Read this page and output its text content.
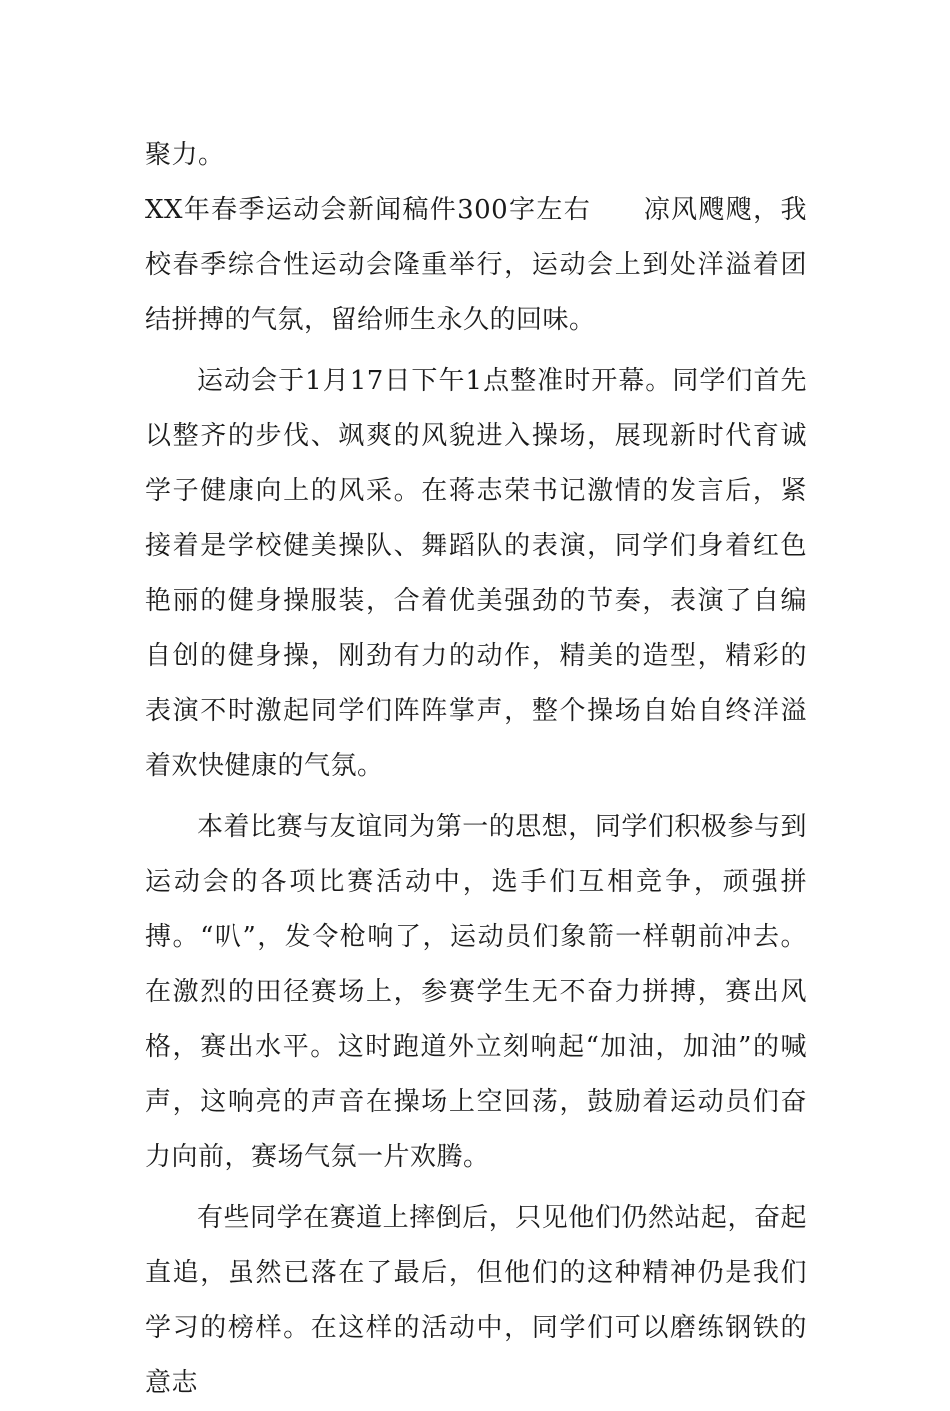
聚力。

XX年春季运动会新闻稿件300字左右 凉风飕飕，我校春季综合性运动会隆重举行，运动会上到处洋溢着团结拼搏的气氛，留给师生永久的回味。

运动会于1月17日下午1点整准时开幕。同学们首先以整齐的步伐、飒爽的风貌进入操场，展现新时代育诚学子健康向上的风采。在蒋志荣书记激情的发言后，紧接着是学校健美操队、舞蹈队的表演，同学们身着红色艳丽的健身操服装，合着优美强劲的节奏，表演了自编自创的健身操，刚劲有力的动作，精美的造型，精彩的表演不时激起同学们阵阵掌声，整个操场自始自终洋溢着欢快健康的气氛。

本着比赛与友谊同为第一的思想，同学们积极参与到运动会的各项比赛活动中，选手们互相竞争，顽强拼搏。“叭”，发令枪响了，运动员们象箭一样朝前冲去。在激烈的田径赛场上，参赛学生无不奋力拼搏，赛出风格，赛出水平。这时跑道外立刻响起“加油，加油”的喊声，这响亮的声音在操场上空回荡，鼓励着运动员们奋力向前，赛场气氛一片欢腾。

有些同学在赛道上摔倒后，只见他们仍然站起，奋起直追，虽然已落在了最后，但他们的这种精神仍是我们学习的榜样。在这样的活动中，同学们可以磨练钢铁的意志
